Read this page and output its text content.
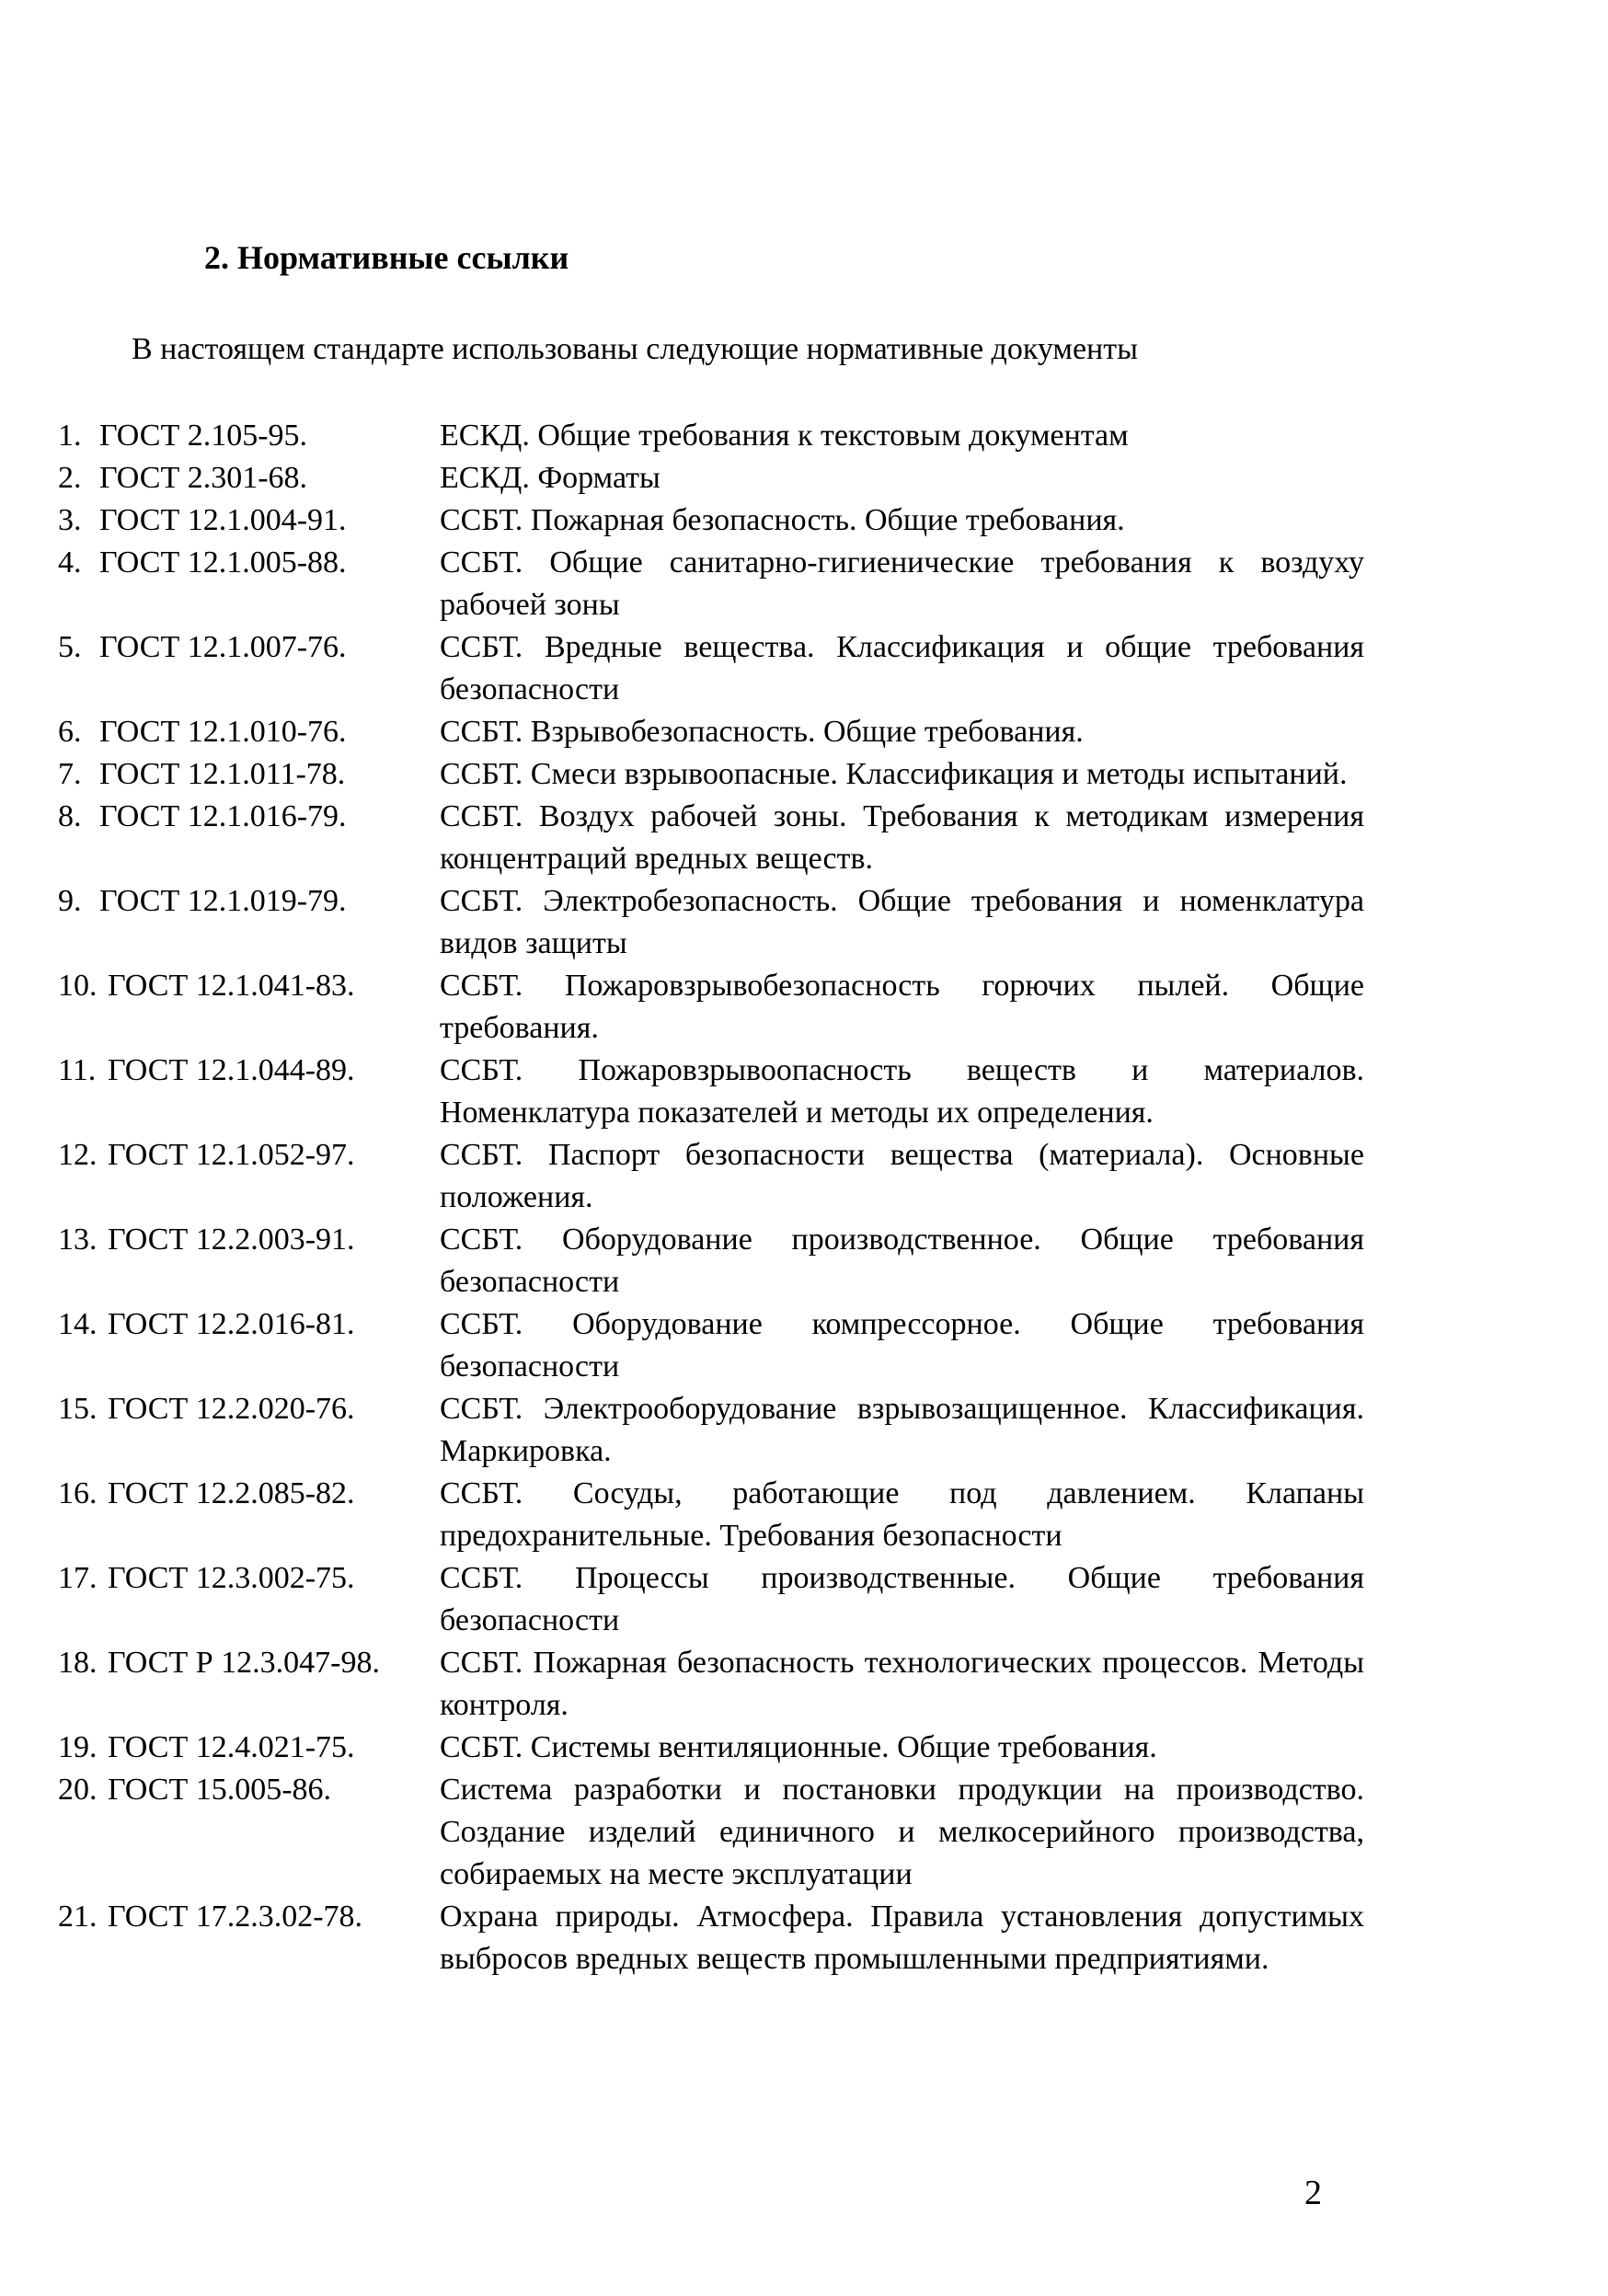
2. Нормативные ссылки
В настоящем стандарте использованы следующие нормативные документы
1. ГОСТ 2.105-95.	ЕСКД. Общие требования к текстовым документам
2. ГОСТ 2.301-68.	ЕСКД. Форматы
3. ГОСТ 12.1.004-91.	ССБТ. Пожарная безопасность. Общие требования.
4. ГОСТ 12.1.005-88.	ССБТ. Общие санитарно-гигиенические требования к воздуху рабочей зоны
5. ГОСТ 12.1.007-76.	ССБТ. Вредные вещества. Классификация и общие требования безопасности
6. ГОСТ 12.1.010-76.	ССБТ. Взрывобезопасность. Общие требования.
7. ГОСТ 12.1.011-78.	ССБТ. Смеси взрывоопасные. Классификация и методы испытаний.
8. ГОСТ 12.1.016-79.	ССБТ. Воздух рабочей зоны. Требования к методикам измерения концентраций вредных веществ.
9. ГОСТ 12.1.019-79.	ССБТ. Электробезопасность. Общие требования и номенклатура видов защиты
10. ГОСТ 12.1.041-83.	ССБТ. Пожаровзрывобезопасность горючих пылей. Общие требования.
11. ГОСТ 12.1.044-89.	ССБТ. Пожаровзрывоопасность веществ и материалов. Номенклатура показателей и методы их определения.
12. ГОСТ 12.1.052-97.	ССБТ. Паспорт безопасности вещества (материала). Основные положения.
13. ГОСТ 12.2.003-91.	ССБТ. Оборудование производственное. Общие требования безопасности
14. ГОСТ 12.2.016-81.	ССБТ. Оборудование компрессорное. Общие требования безопасности
15. ГОСТ 12.2.020-76.	ССБТ. Электрооборудование взрывозащищенное. Классификация. Маркировка.
16. ГОСТ 12.2.085-82.	ССБТ. Сосуды, работающие под давлением. Клапаны предохранительные. Требования безопасности
17. ГОСТ 12.3.002-75.	ССБТ. Процессы производственные. Общие требования безопасности
18. ГОСТ Р 12.3.047-98.	ССБТ. Пожарная безопасность технологических процессов. Методы контроля.
19. ГОСТ 12.4.021-75.	ССБТ. Системы вентиляционные. Общие требования.
20. ГОСТ 15.005-86.	Система разработки и постановки продукции на производство. Создание изделий единичного и мелкосерийного производства, собираемых на месте эксплуатации
21. ГОСТ 17.2.3.02-78.	Охрана природы. Атмосфера. Правила установления допустимых выбросов вредных веществ промышленными предприятиями.
2
